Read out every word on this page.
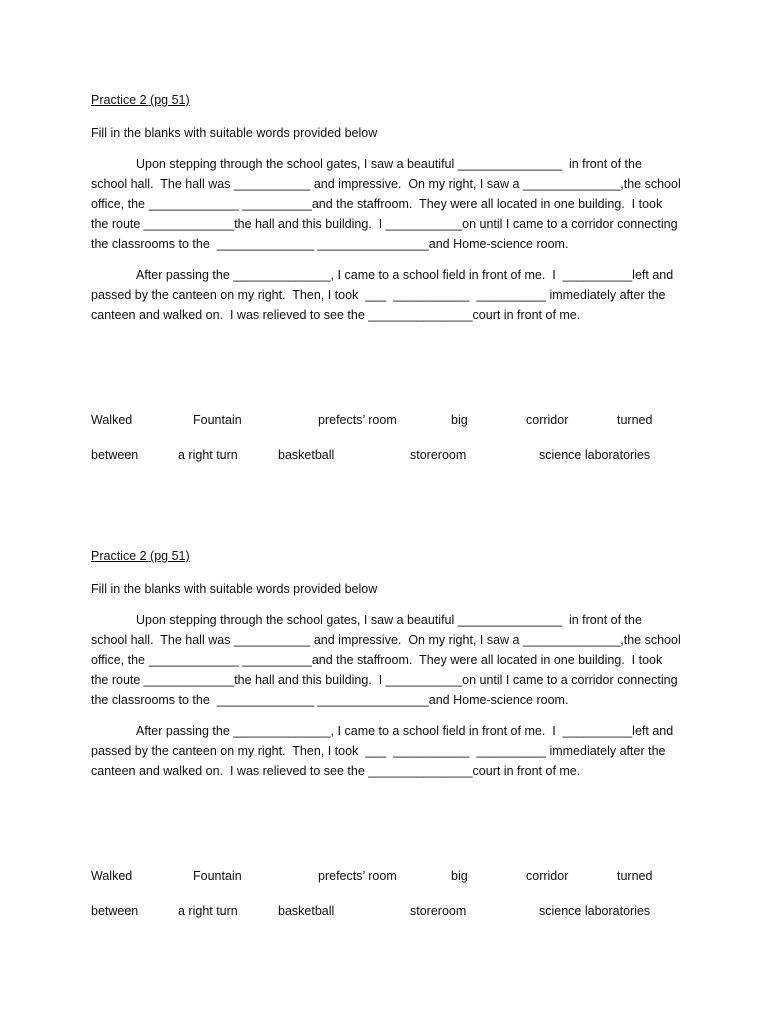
Practice 2 (pg 51)

Fill in the blanks with suitable words provided below

Upon stepping through the school gates, I saw a beautiful _______________  in front of the school hall.  The hall was ___________ and impressive.  On my right, I saw a ______________,the school office, the _____________ __________and the staffroom.  They were all located in one building.  I took the route _____________the hall and this building.  I ___________on until I came to a corridor connecting the classrooms to the  ______________ ________________and Home-science room.

After passing the ______________, I came to a school field in front of me.  I  __________left and passed by the canteen on my right.  Then, I took  ___  ___________  __________ immediately after the canteen and walked on.  I was relieved to see the _______________court in front of me.

Walked	Fountain	prefects’ room	big	corridor	turned
between	a right turn	basketball	storeroom	science laboratories

Practice 2 (pg 51)

Fill in the blanks with suitable words provided below

Upon stepping through the school gates, I saw a beautiful _______________  in front of the school hall.  The hall was ___________ and impressive.  On my right, I saw a ______________,the school office, the _____________ __________and the staffroom.  They were all located in one building.  I took the route _____________the hall and this building.  I ___________on until I came to a corridor connecting the classrooms to the  ______________ ________________and Home-science room.

After passing the ______________, I came to a school field in front of me.  I  __________left and passed by the canteen on my right.  Then, I took  ___  ___________  __________ immediately after the canteen and walked on.  I was relieved to see the _______________court in front of me.

Walked	Fountain	prefects’ room	big	corridor	turned
between	a right turn	basketball	storeroom	science laboratories
